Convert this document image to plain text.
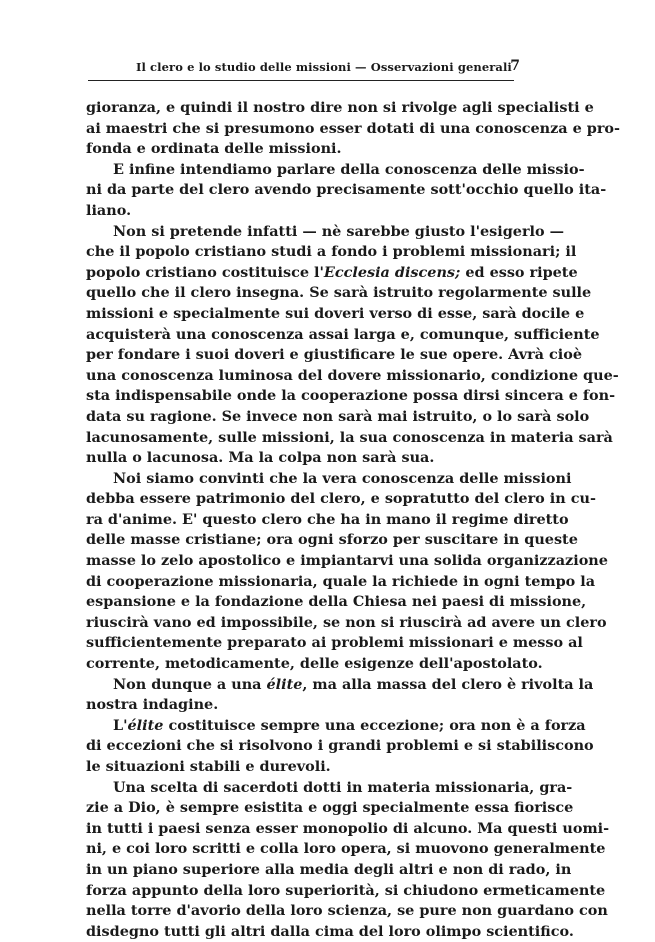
Il clero e lo studio delle missioni — Osservazioni generali
7

gioranza, e quindi il nostro dire non si rivolge agli specialisti e
ai maestri che si presumono esser dotati di una conoscenza e pro-
fonda e ordinata delle missioni.

E infine intendiamo parlare della conoscenza delle missio-
ni da parte del clero avendo precisamente sott'occhio quello ita-
liano.

Non si pretende infatti — nè sarebbe giusto l'esigerlo —
che il popolo cristiano studi a fondo i problemi missionari; il
popolo cristiano costituisce l'Ecclesia discens; ed esso ripete
quello che il clero insegna. Se sarà istruito regolarmente sulle
missioni e specialmente sui doveri verso di esse, sarà docile e
acquisterà una conoscenza assai larga e, comunque, sufficiente
per fondare i suoi doveri e giustificare le sue opere. Avrà cioè
una conoscenza luminosa del dovere missionario, condizione que-
sta indispensabile onde la cooperazione possa dirsi sincera e fon-
data su ragione. Se invece non sarà mai istruito, o lo sarà solo
lacunosamente, sulle missioni, la sua conoscenza in materia sarà
nulla o lacunosa. Ma la colpa non sarà sua.

Noi siamo convinti che la vera conoscenza delle missioni
debba essere patrimonio del clero, e sopratutto del clero in cu-
ra d'anime. E' questo clero che ha in mano il regime diretto
delle masse cristiane; ora ogni sforzo per suscitare in queste
masse lo zelo apostolico e impiantarvi una solida organizzazione
di cooperazione missionaria, quale la richiede in ogni tempo la
espansione e la fondazione della Chiesa nei paesi di missione,
riuscirà vano ed impossibile, se non si riuscirà ad avere un clero
sufficientemente preparato ai problemi missionari e messo al
corrente, metodicamente, delle esigenze dell'apostolato.

Non dunque a una élite, ma alla massa del clero è rivolta la
nostra indagine.

L'élite costituisce sempre una eccezione; ora non è a forza
di eccezioni che si risolvono i grandi problemi e si stabiliscono
le situazioni stabili e durevoli.

Una scelta di sacerdoti dotti in materia missionaria, gra-
zie a Dio, è sempre esistita e oggi specialmente essa fiorisce
in tutti i paesi senza esser monopolio di alcuno. Ma questi uomi-
ni, e coi loro scritti e colla loro opera, si muovono generalmente
in un piano superiore alla media degli altri e non di rado, in
forza appunto della loro superiorità, si chiudono ermeticamente
nella torre d'avorio della loro scienza, se pure non guardano con
disdegno tutti gli altri dalla cima del loro olimpo scientifico.
